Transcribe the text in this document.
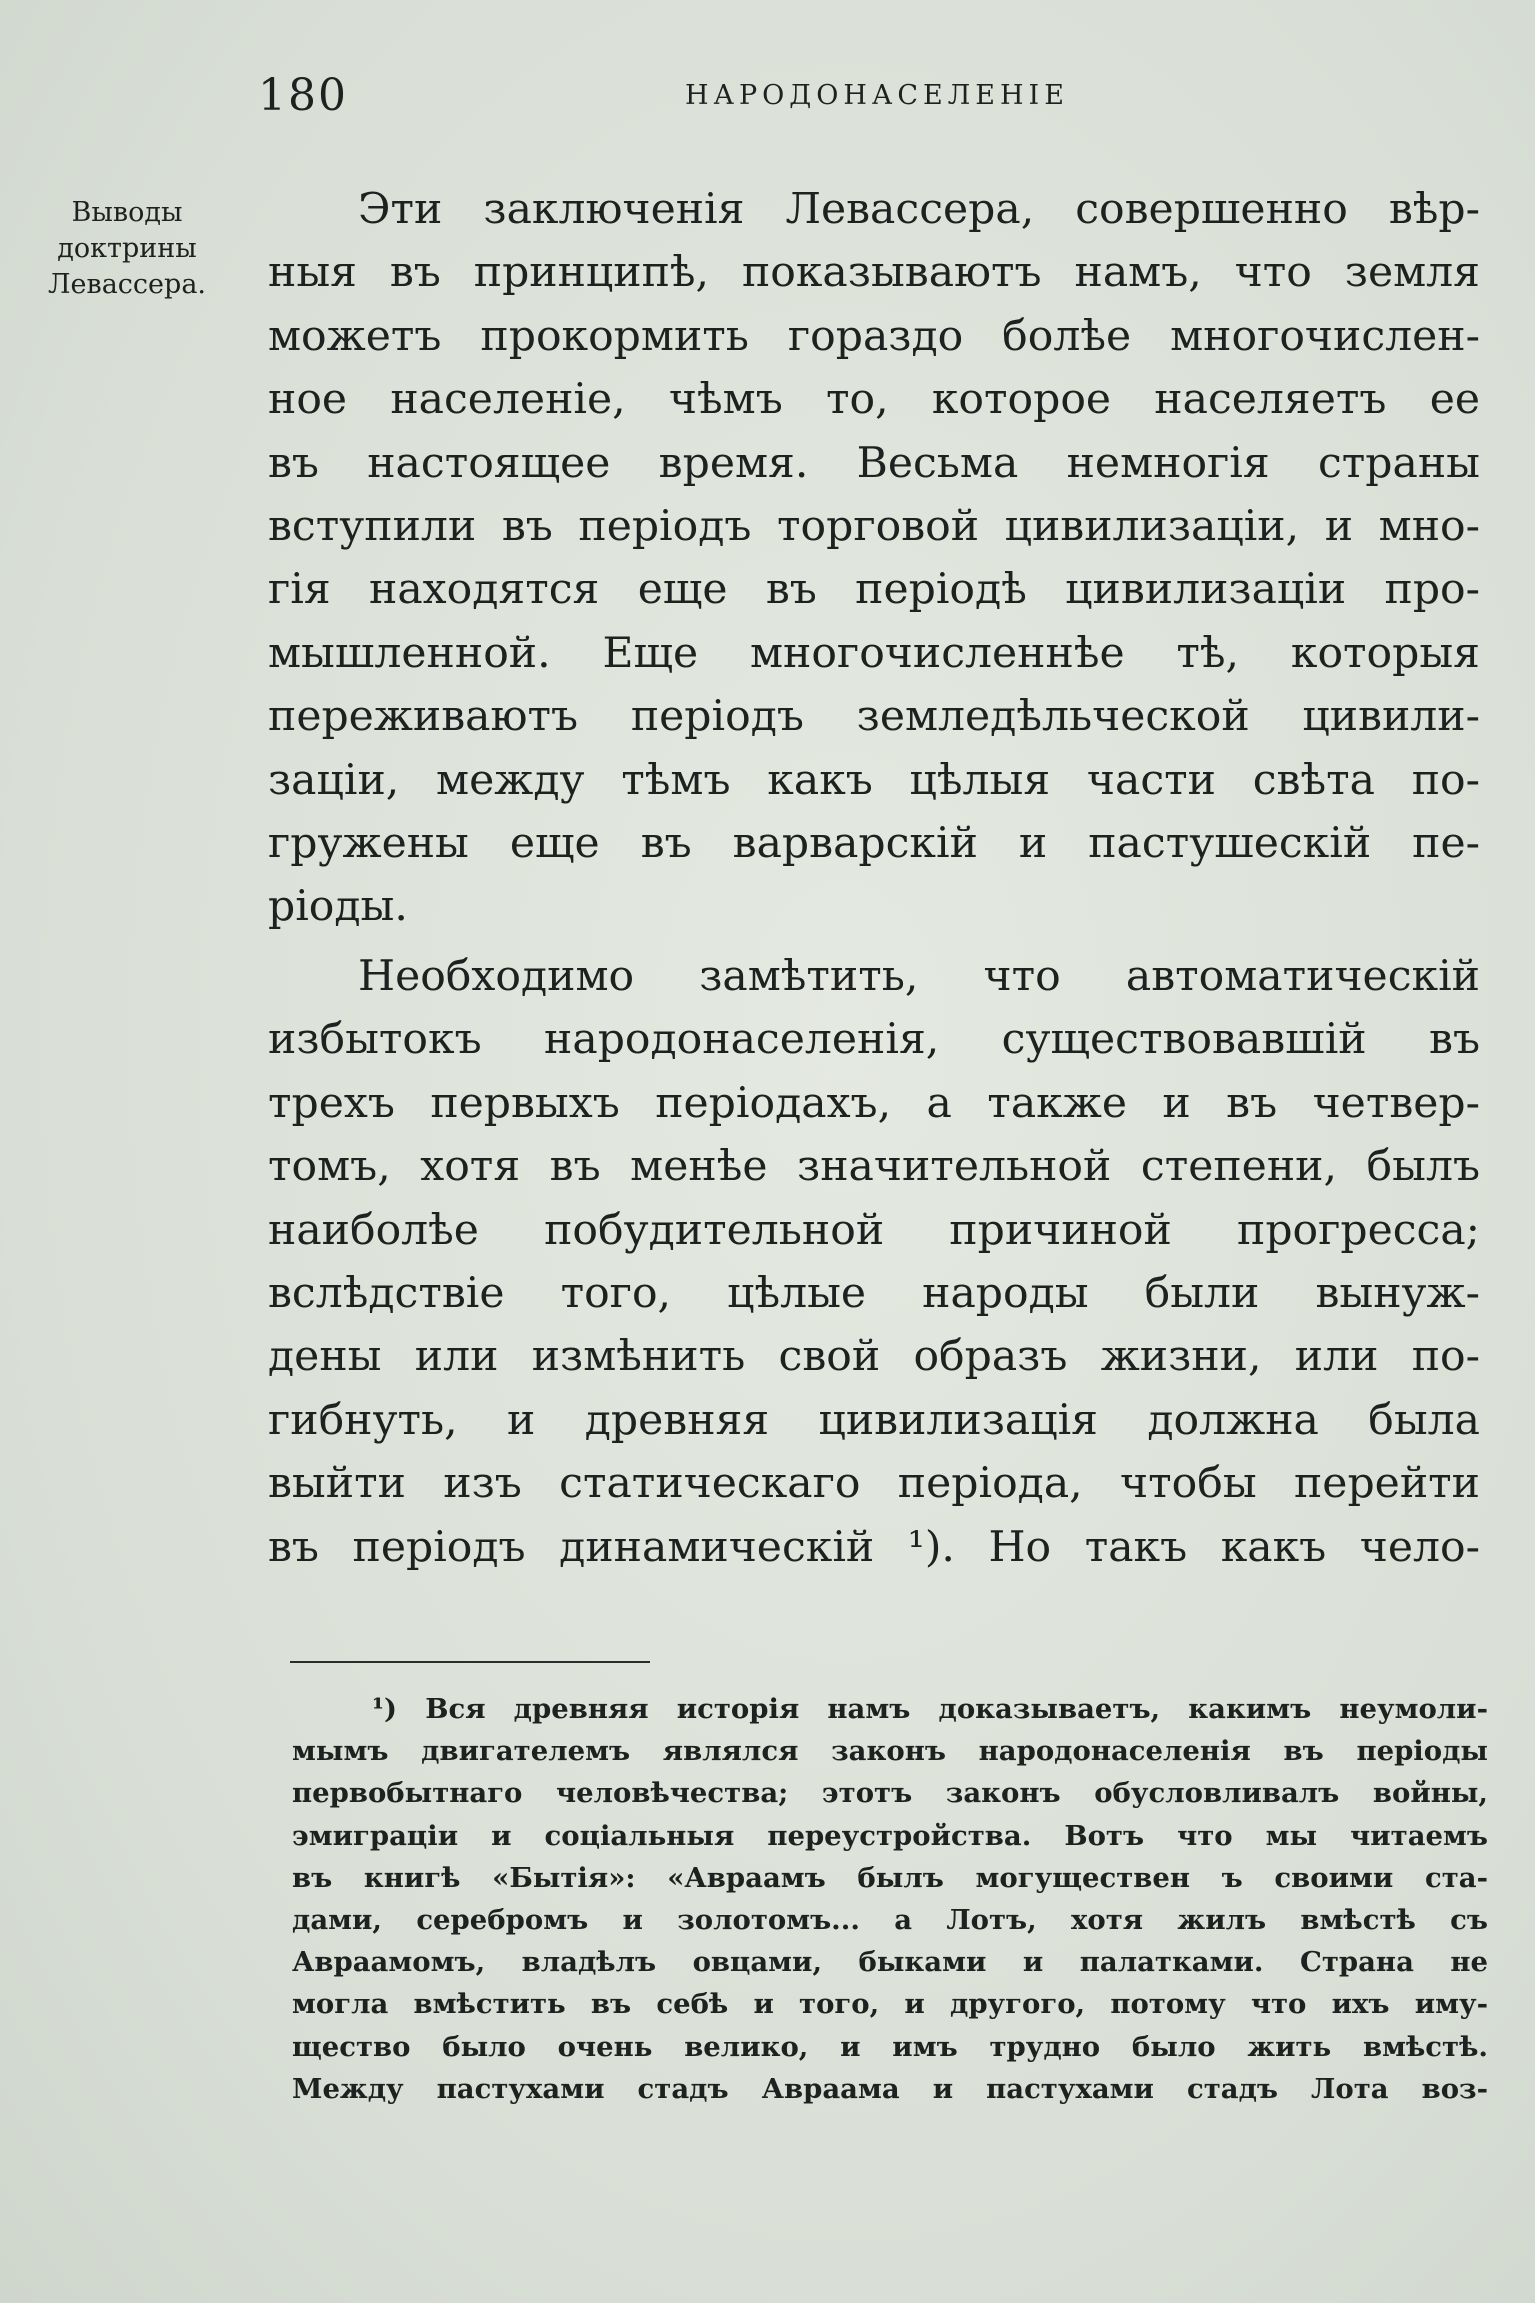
180	НАРОДОНАСЕЛЕНІЕ
Выводы
доктрины
Левассера.
Эти заключенія Левассера, совершенно вѣр-
ныя въ принципѣ, показываютъ намъ, что земля
можетъ прокормить гораздо болѣе многочислен-
ное населеніе, чѣмъ то, которое населяетъ ее
въ настоящее время. Весьма немногія страны
вступили въ періодъ торговой цивилизаціи, и мно-
гія находятся еще въ періодѣ цивилизаціи про-
мышленной. Еще многочисленнѣе тѣ, которыя
переживаютъ періодъ земледѣльческой цивили-
заціи, между тѣмъ какъ цѣлыя части свѣта по-
гружены еще въ варварскій и пастушескій пе-
ріоды.
Необходимо замѣтить, что автоматическій
избытокъ народонаселенія, существовавшій въ
трехъ первыхъ періодахъ, а также и въ четвер-
томъ, хотя въ менѣе значительной степени, былъ
наиболѣе побудительной причиной прогресса;
вслѣдствіе того, цѣлые народы были вынуж-
дены или измѣнить свой образъ жизни, или по-
гибнуть, и древняя цивилизація должна была
выйти изъ статическаго періода, чтобы перейти
въ періодъ динамическій ¹). Но такъ какъ чело-
¹) Вся древняя исторія намъ доказываетъ, какимъ неумоли-
мымъ двигателемъ являлся законъ народонаселенія въ періоды
первобытнаго человѣчества; этотъ законъ обусловливалъ войны,
эмиграціи и соціальныя переустройства. Вотъ что мы читаемъ
въ книгѣ «Бытія»: «Авраамъ былъ могуществен ъ своими ста-
дами, серебромъ и золотомъ... а Лотъ, хотя жилъ вмѣстѣ съ
Авраамомъ, владѣлъ овцами, быками и палатками. Страна не
могла вмѣстить въ себѣ и того, и другого, потому что ихъ иму-
щество было очень велико, и имъ трудно было жить вмѣстѣ.
Между пастухами стадъ Авраама и пастухами стадъ Лота воз-
